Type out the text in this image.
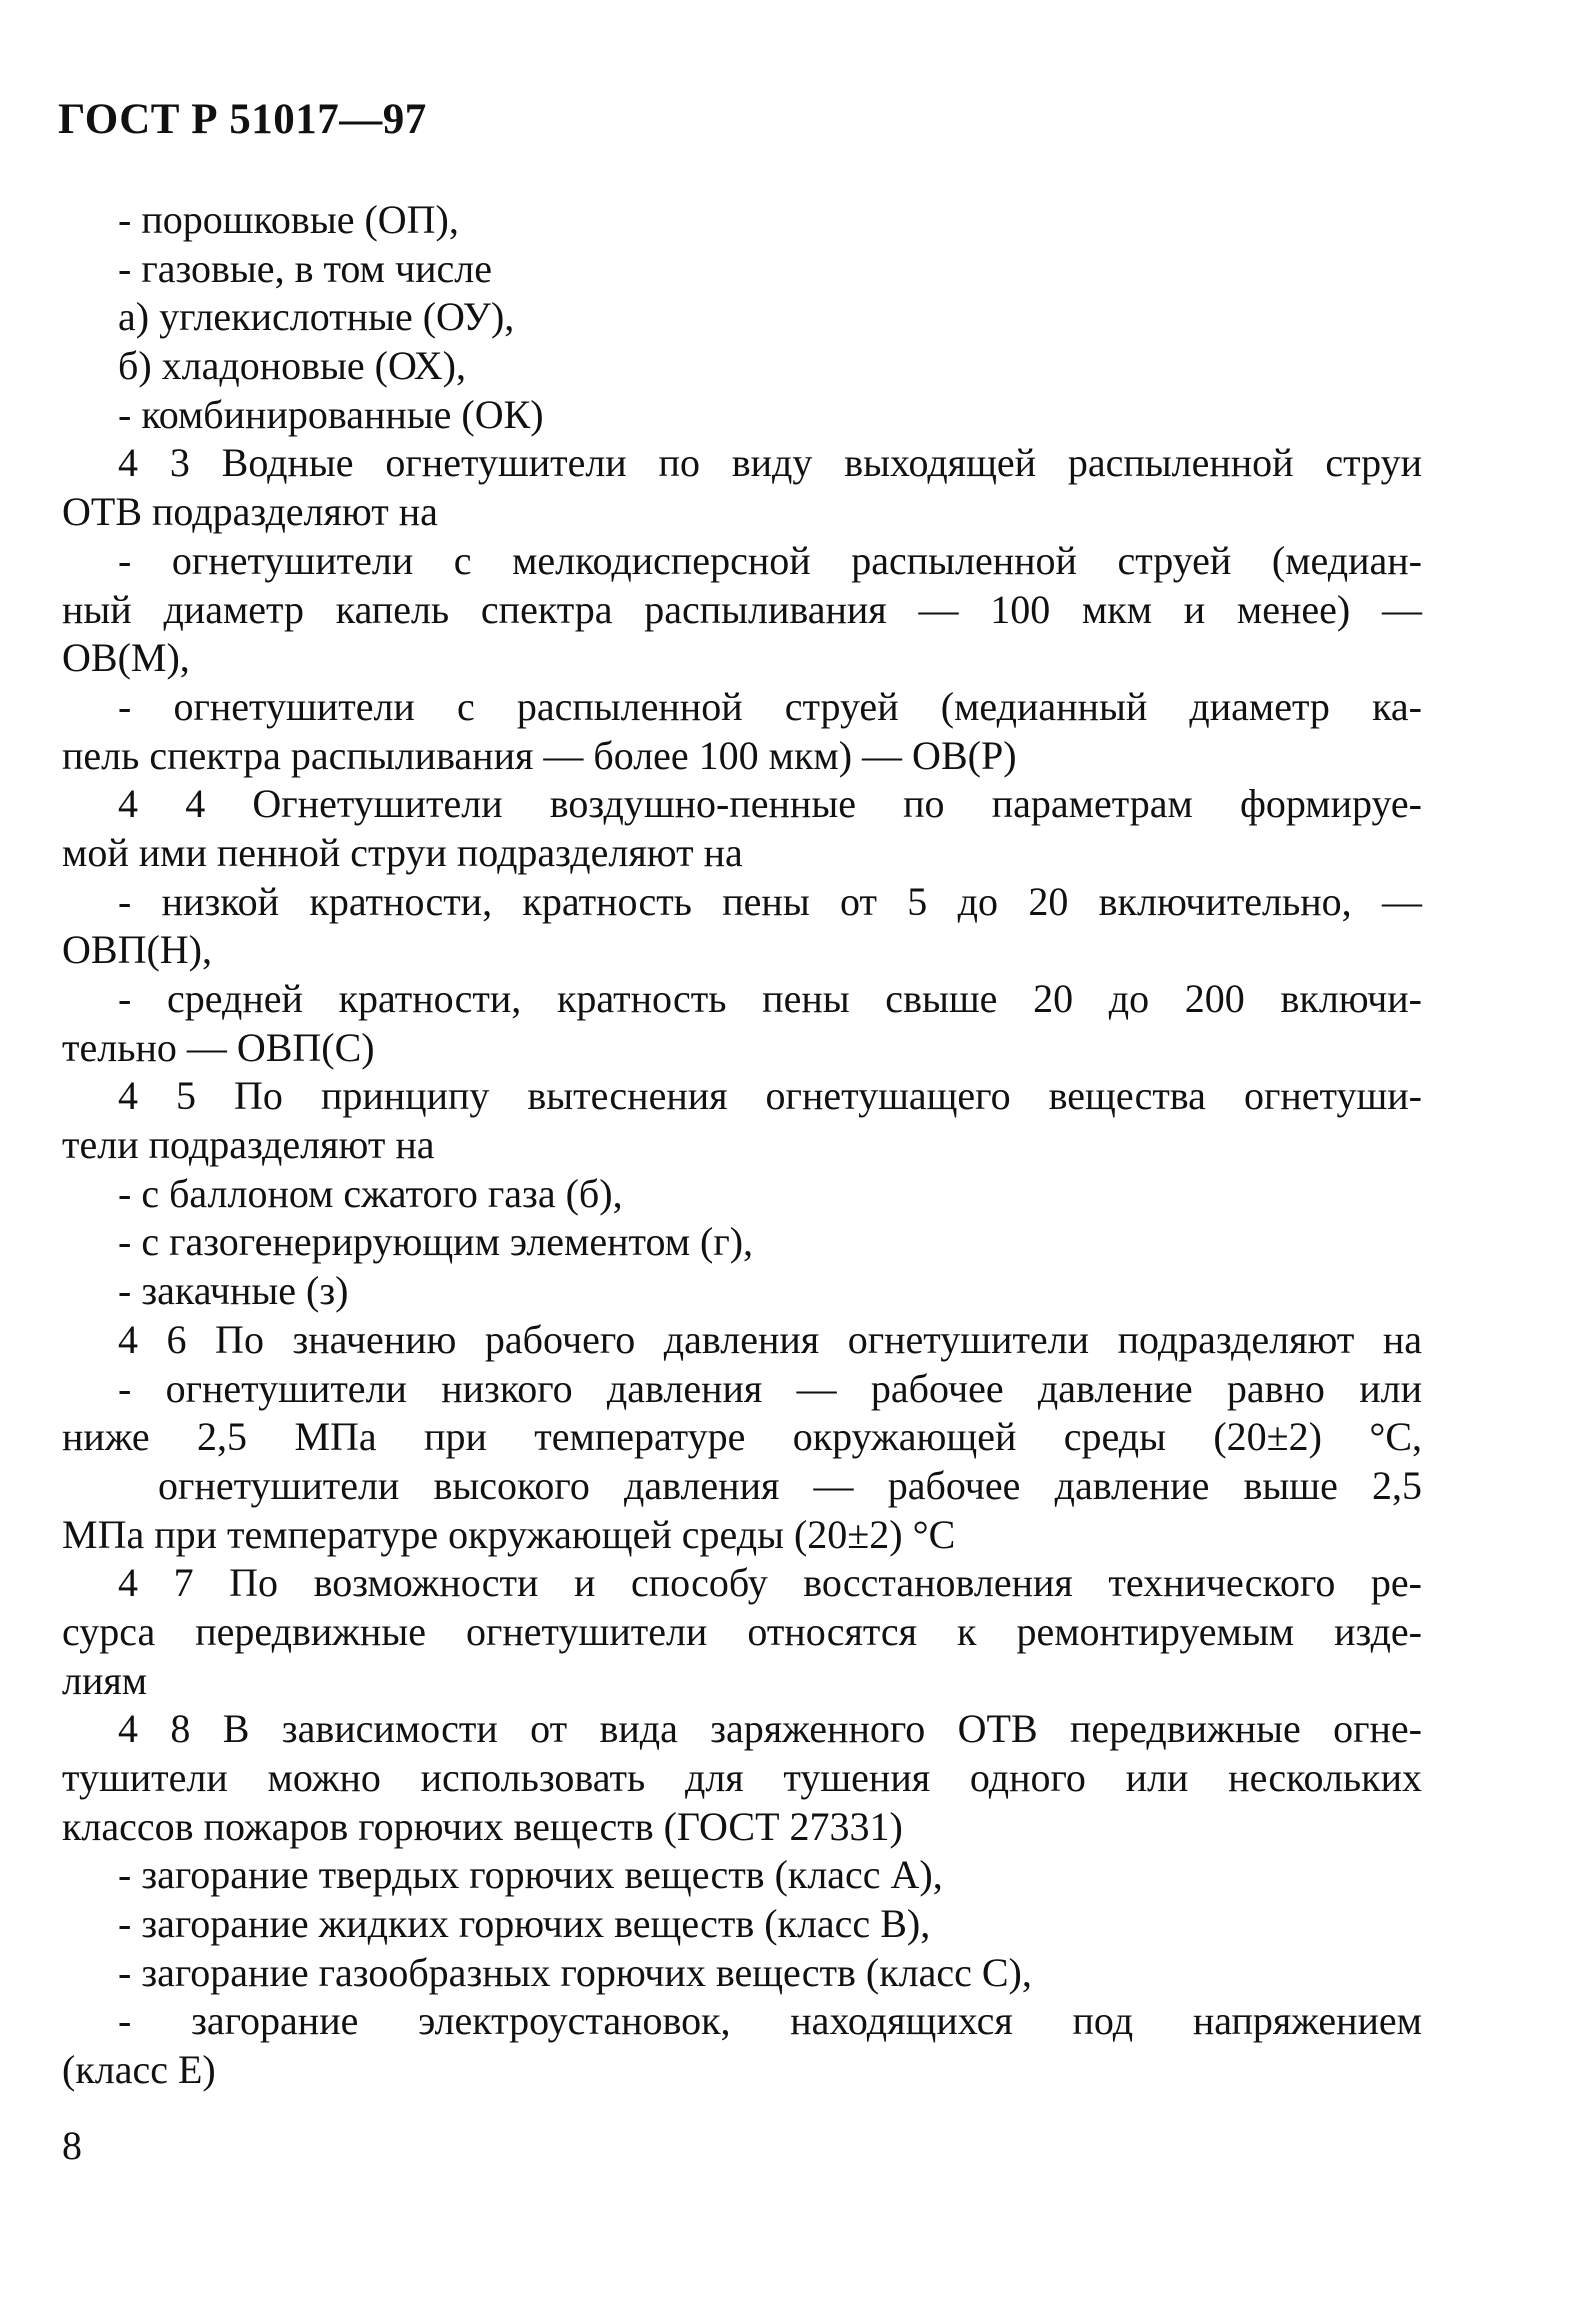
ГОСТ Р 51017—97
- порошковые (ОП),
- газовые, в том числе
а) углекислотные (ОУ),
б) хладоновые (ОХ),
- комбинированные (ОК)
4 3 Водные огнетушители по виду выходящей распыленной струи
ОТВ подразделяют на
- огнетушители с мелкодисперсной распыленной струей (медиан-
ный диаметр капель спектра распыливания — 100 мкм и менее) —
ОВ(М),
- огнетушители с распыленной струей (медианный диаметр ка-
пель спектра распыливания — более 100 мкм) — ОВ(Р)
4 4 Огнетушители воздушно-пенные по параметрам формируе-
мой ими пенной струи подразделяют на
- низкой кратности, кратность пены от 5 до 20 включительно, —
ОВП(Н),
- средней кратности, кратность пены свыше 20 до 200 включи-
тельно — ОВП(С)
4 5 По принципу вытеснения огнетушащего вещества огнетуши-
тели подразделяют на
- с баллоном сжатого газа (б),
- с газогенерирующим элементом (г),
- закачные (з)
4 6 По значению рабочего давления огнетушители подразделяют на
- огнетушители низкого давления — рабочее давление равно или
ниже 2,5 МПа при температуре окружающей среды (20±2) °С,
огнетушители высокого давления — рабочее давление выше 2,5
МПа при температуре окружающей среды (20±2) °С
4 7 По возможности и способу восстановления технического ре-
сурса передвижные огнетушители относятся к ремонтируемым изде-
лиям
4 8 В зависимости от вида заряженного ОТВ передвижные огне-
тушители можно использовать для тушения одного или нескольких
классов пожаров горючих веществ (ГОСТ 27331)
- загорание твердых горючих веществ (класс А),
- загорание жидких горючих веществ (класс В),
- загорание газообразных горючих веществ (класс С),
- загорание электроустановок, находящихся под напряжением
(класс Е)
8
